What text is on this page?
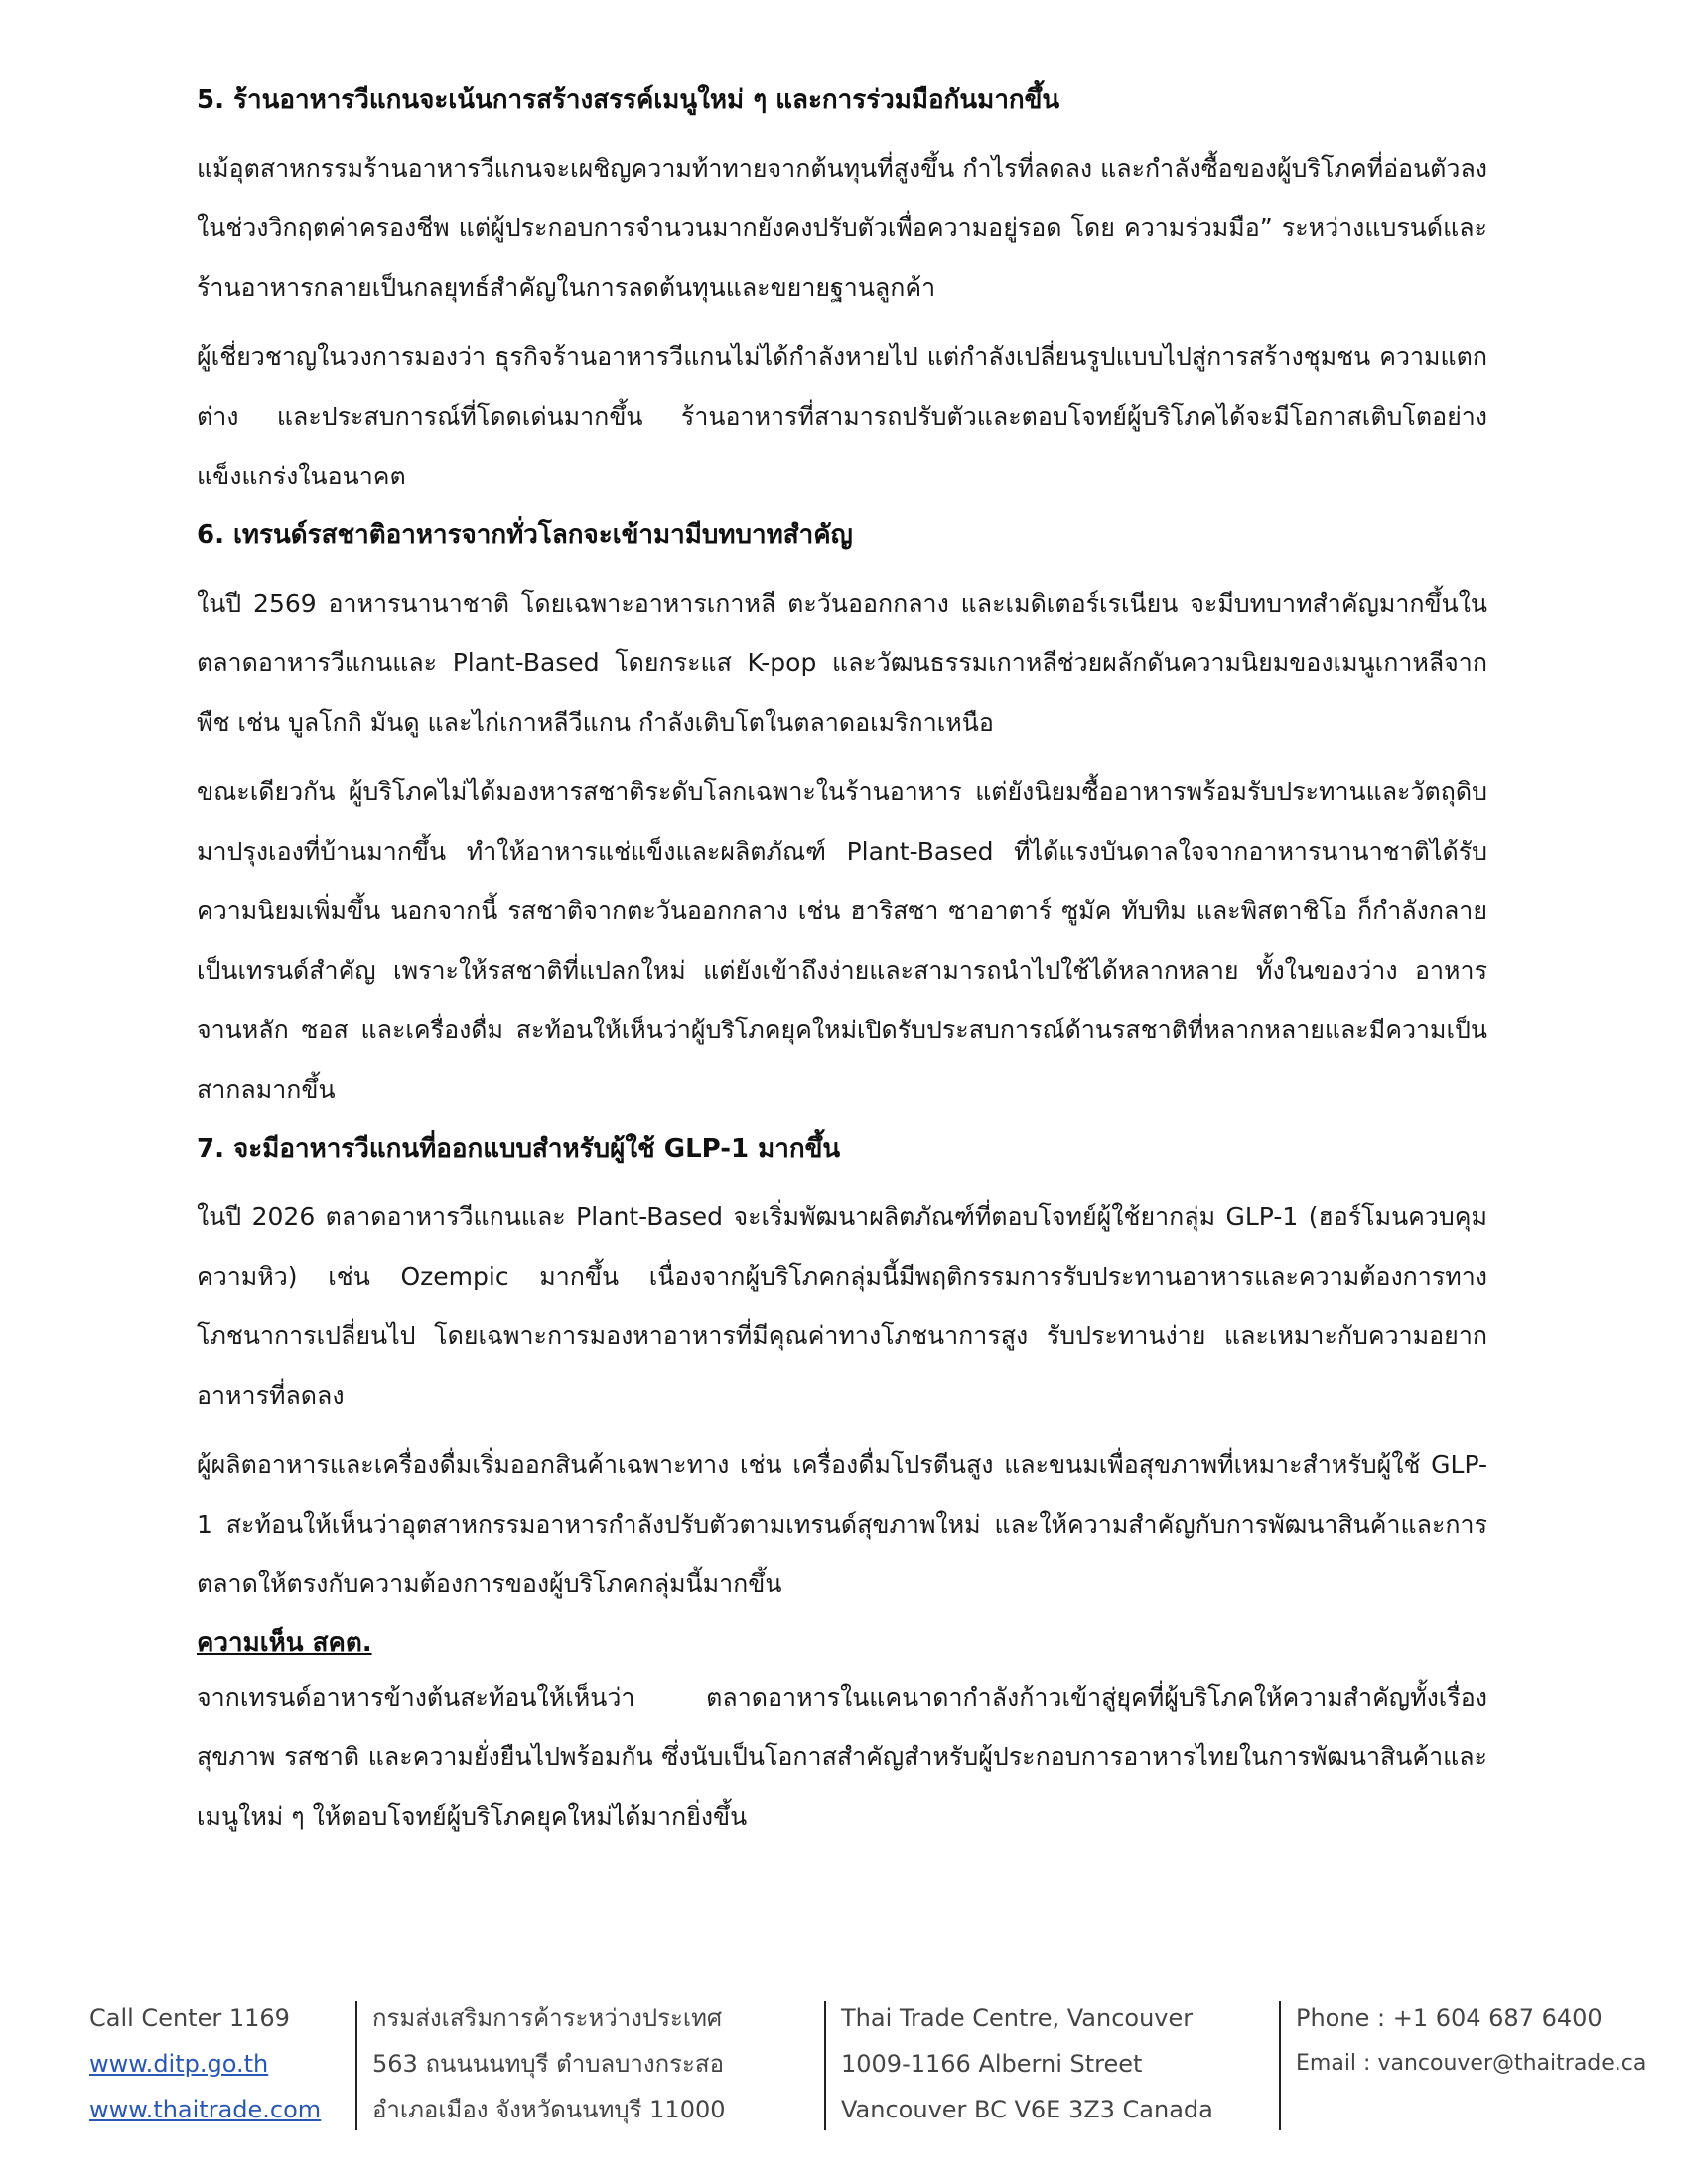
5. ร้านอาหารวีแกนจะเน้นการสร้างสรรค์เมนูใหม่ ๆ และการร่วมมือกันมากขึ้น

แม้อุตสาหกรรมร้านอาหารวีแกนจะเผชิญความท้าทายจากต้นทุนที่สูงขึ้น กำไรที่ลดลง และกำลังซื้อของผู้บริโภคที่อ่อนตัวลงในช่วงวิกฤตค่าครองชีพ แต่ผู้ประกอบการจำนวนมากยังคงปรับตัวเพื่อความอยู่รอด โดย ความร่วมมือ” ระหว่างแบรนด์และร้านอาหารกลายเป็นกลยุทธ์สำคัญในการลดต้นทุนและขยายฐานลูกค้า

ผู้เชี่ยวชาญในวงการมองว่า ธุรกิจร้านอาหารวีแกนไม่ได้กำลังหายไป แต่กำลังเปลี่ยนรูปแบบไปสู่การสร้างชุมชน ความแตกต่าง และประสบการณ์ที่โดดเด่นมากขึ้น ร้านอาหารที่สามารถปรับตัวและตอบโจทย์ผู้บริโภคได้จะมีโอกาสเติบโตอย่างแข็งแกร่งในอนาคต

6. เทรนด์รสชาติอาหารจากทั่วโลกจะเข้ามามีบทบาทสำคัญ

ในปี 2569 อาหารนานาชาติ โดยเฉพาะอาหารเกาหลี ตะวันออกกลาง และเมดิเตอร์เรเนียน จะมีบทบาทสำคัญมากขึ้นในตลาดอาหารวีแกนและ Plant-Based โดยกระแส K-pop และวัฒนธรรมเกาหลีช่วยผลักดันความนิยมของเมนูเกาหลีจากพืช เช่น บูลโกกิ มันดู และไก่เกาหลีวีแกน กำลังเติบโตในตลาดอเมริกาเหนือ

ขณะเดียวกัน ผู้บริโภคไม่ได้มองหารสชาติระดับโลกเฉพาะในร้านอาหาร แต่ยังนิยมซื้ออาหารพร้อมรับประทานและวัตถุดิบมาปรุงเองที่บ้านมากขึ้น ทำให้อาหารแช่แข็งและผลิตภัณฑ์ Plant-Based ที่ได้แรงบันดาลใจจากอาหารนานาชาติได้รับความนิยมเพิ่มขึ้น นอกจากนี้ รสชาติจากตะวันออกกลาง เช่น ฮาริสซา ซาอาตาร์ ซูมัค ทับทิม และพิสตาชิโอ ก็กำลังกลายเป็นเทรนด์สำคัญ เพราะให้รสชาติที่แปลกใหม่ แต่ยังเข้าถึงง่ายและสามารถนำไปใช้ได้หลากหลาย ทั้งในของว่าง อาหารจานหลัก ซอส และเครื่องดื่ม สะท้อนให้เห็นว่าผู้บริโภคยุคใหม่เปิดรับประสบการณ์ด้านรสชาติที่หลากหลายและมีความเป็นสากลมากขึ้น

7. จะมีอาหารวีแกนที่ออกแบบสำหรับผู้ใช้ GLP-1 มากขึ้น

ในปี 2026 ตลาดอาหารวีแกนและ Plant-Based จะเริ่มพัฒนาผลิตภัณฑ์ที่ตอบโจทย์ผู้ใช้ยากลุ่ม GLP-1 (ฮอร์โมนควบคุมความหิว) เช่น Ozempic มากขึ้น เนื่องจากผู้บริโภคกลุ่มนี้มีพฤติกรรมการรับประทานอาหารและความต้องการทางโภชนาการเปลี่ยนไป โดยเฉพาะการมองหาอาหารที่มีคุณค่าทางโภชนาการสูง รับประทานง่าย และเหมาะกับความอยากอาหารที่ลดลง

ผู้ผลิตอาหารและเครื่องดื่มเริ่มออกสินค้าเฉพาะทาง เช่น เครื่องดื่มโปรตีนสูง และขนมเพื่อสุขภาพที่เหมาะสำหรับผู้ใช้ GLP-1 สะท้อนให้เห็นว่าอุตสาหกรรมอาหารกำลังปรับตัวตามเทรนด์สุขภาพใหม่ และให้ความสำคัญกับการพัฒนาสินค้าและการตลาดให้ตรงกับความต้องการของผู้บริโภคกลุ่มนี้มากขึ้น

ความเห็น สคต.

จากเทรนด์อาหารข้างต้นสะท้อนให้เห็นว่า ตลาดอาหารในแคนาดากำลังก้าวเข้าสู่ยุคที่ผู้บริโภคให้ความสำคัญทั้งเรื่องสุขภาพ รสชาติ และความยั่งยืนไปพร้อมกัน ซึ่งนับเป็นโอกาสสำคัญสำหรับผู้ประกอบการอาหารไทยในการพัฒนาสินค้าและเมนูใหม่ ๆ ให้ตอบโจทย์ผู้บริโภคยุคใหม่ได้มากยิ่งขึ้น

Call Center 1169
www.ditp.go.th
www.thaitrade.com
กรมส่งเสริมการค้าระหว่างประเทศ
563 ถนนนนทบุรี ตำบลบางกระสอ
อำเภอเมือง จังหวัดนนทบุรี 11000
Thai Trade Centre, Vancouver
1009-1166 Alberni Street
Vancouver BC V6E 3Z3 Canada
Phone : +1 604 687 6400
Email : vancouver@thaitrade.ca
